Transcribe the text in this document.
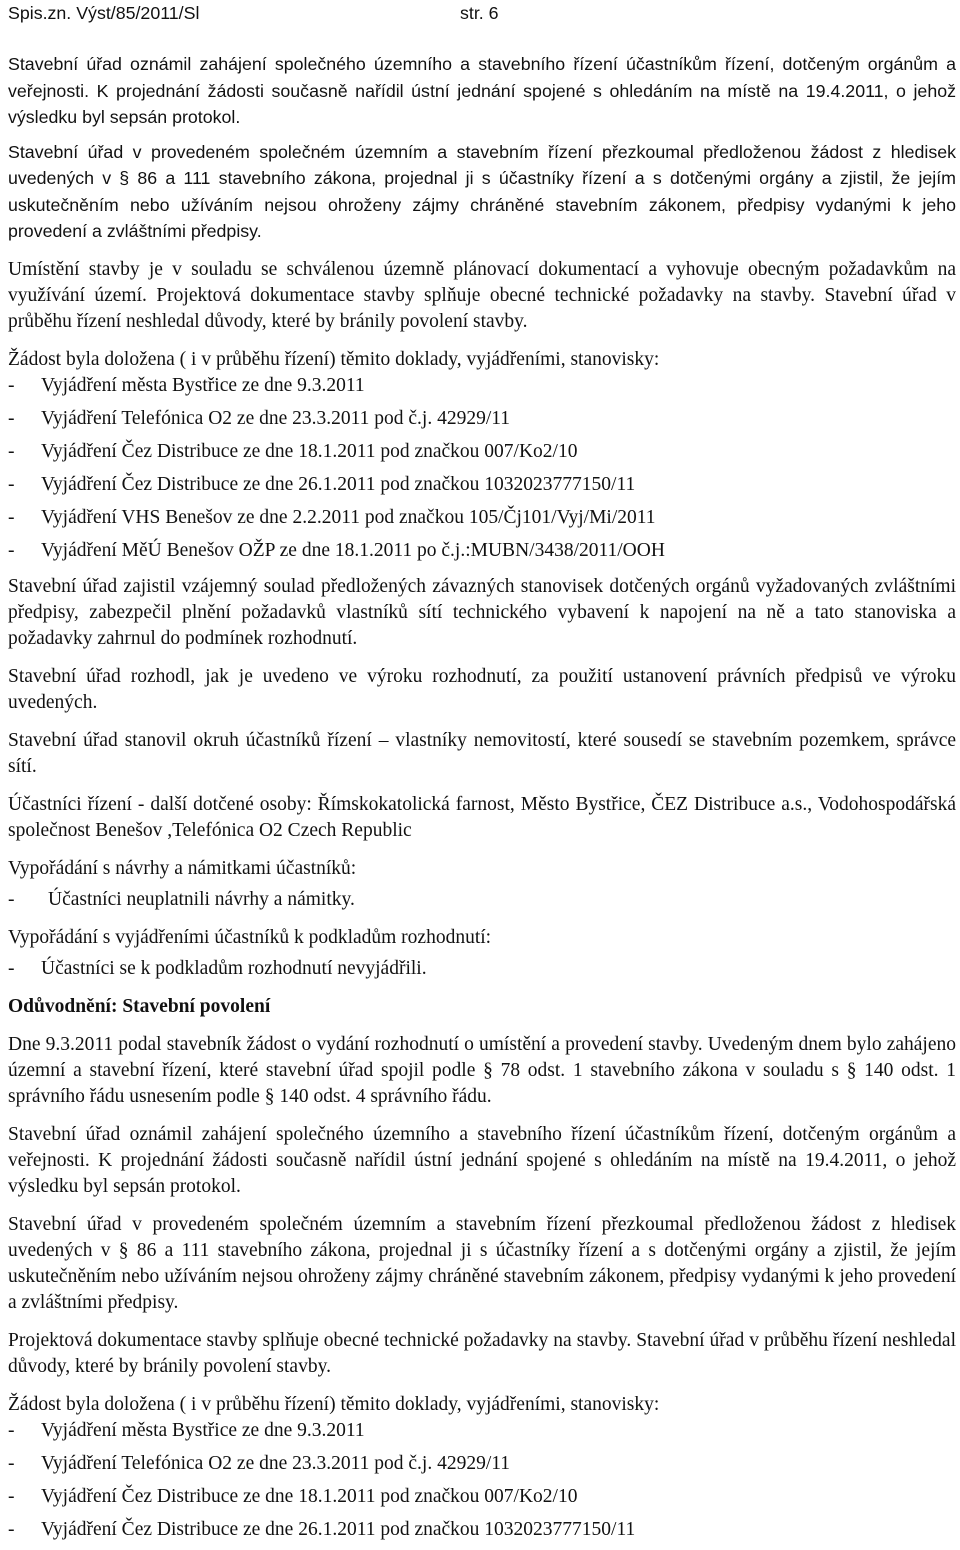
Spis.zn. Výst/85/2011/Sl	str. 6

Stavební úřad oznámil zahájení společného územního a stavebního řízení účastníkům řízení, dotčeným orgánům a veřejnosti. K projednání žádosti současně nařídil ústní jednání spojené s ohledáním na místě na 19.4.2011, o jehož výsledku byl sepsán protokol.

Stavební úřad v provedeném společném územním a stavebním řízení přezkoumal předloženou žádost z hledisek uvedených v § 86 a 111 stavebního zákona, projednal ji s účastníky řízení a s dotčenými orgány a zjistil, že jejím uskutečněním nebo užíváním nejsou ohroženy zájmy chráněné stavebním zákonem, předpisy vydanými k jeho provedení a zvláštními předpisy.

Umístění stavby je v souladu se schválenou územně plánovací dokumentací a vyhovuje obecným požadavkům na využívání území. Projektová dokumentace stavby splňuje obecné technické požadavky na stavby. Stavební úřad v průběhu řízení neshledal důvody, které by bránily povolení stavby.

Žádost byla doložena ( i v průběhu řízení) těmito doklady, vyjádřeními, stanovisky:

-	Vyjádření města Bystřice ze dne 9.3.2011
-	Vyjádření Telefónica O2 ze dne 23.3.2011 pod č.j. 42929/11
-	Vyjádření Čez Distribuce ze dne 18.1.2011 pod značkou 007/Ko2/10
-	Vyjádření Čez Distribuce ze dne 26.1.2011 pod značkou 103202377715​0/11
-	Vyjádření VHS Benešov ze dne 2.2.2011 pod značkou 105/Čj101/Vyj/Mi/2011
-	Vyjádření MěÚ Benešov OŽP ze dne 18.1.2011 po č.j.:MUBN/3438/2011/OOH

Stavební úřad zajistil vzájemný soulad předložených závazných stanovisek dotčených orgánů vyžadovaných zvláštními předpisy, zabezpečil plnění požadavků vlastníků sítí technického vybavení k napojení na ně a tato stanoviska a požadavky zahrnul do podmínek rozhodnutí.

Stavební úřad rozhodl, jak je uvedeno ve výroku rozhodnutí, za použití ustanovení právních předpisů ve výroku uvedených.

Stavební úřad stanovil okruh účastníků řízení – vlastníky nemovitostí, které sousedí se stavebním pozemkem, správce sítí.

Účastníci řízení - další dotčené osoby: Římskokatolická farnost, Město Bystřice, ČEZ Distribuce a.s., Vodohospodářská společnost Benešov ,Telefónica O2 Czech Republic

Vypořádání s návrhy a námitkami účastníků:

-	Účastníci neuplatnili návrhy a námitky.

Vypořádání s vyjádřeními účastníků k podkladům rozhodnutí:

-	Účastníci se k podkladům rozhodnutí nevyjádřili.

Odůvodnění: Stavební povolení

Dne 9.3.2011 podal stavebník žádost o vydání rozhodnutí o umístění a provedení stavby. Uvedeným dnem bylo zahájeno územní a stavební řízení, které stavební úřad spojil podle § 78 odst. 1 stavebního zákona v souladu s § 140 odst. 1 správního řádu usnesením podle § 140 odst. 4 správního řádu.

Stavební úřad oznámil zahájení společného územního a stavebního řízení účastníkům řízení, dotčeným orgánům a veřejnosti. K projednání žádosti současně nařídil ústní jednání spojené s ohledáním na místě na 19.4.2011, o jehož výsledku byl sepsán protokol.

Stavební úřad v provedeném společném územním a stavebním řízení přezkoumal předloženou žádost z hledisek uvedených v § 86 a 111 stavebního zákona, projednal ji s účastníky řízení a s dotčenými orgány a zjistil, že jejím uskutečněním nebo užíváním nejsou ohroženy zájmy chráněné stavebním zákonem, předpisy vydanými k jeho provedení a zvláštními předpisy.

Projektová dokumentace stavby splňuje obecné technické požadavky na stavby. Stavební úřad v průběhu řízení neshledal důvody, které by bránily povolení stavby.

Žádost byla doložena ( i v průběhu řízení) těmito doklady, vyjádřeními, stanovisky:

-	Vyjádření města Bystřice ze dne 9.3.2011
-	Vyjádření Telefónica O2 ze dne 23.3.2011 pod č.j. 42929/11
-	Vyjádření Čez Distribuce ze dne 18.1.2011 pod značkou 007/Ko2/10
-	Vyjádření Čez Distribuce ze dne 26.1.2011 pod značkou 103202377715​0/11
